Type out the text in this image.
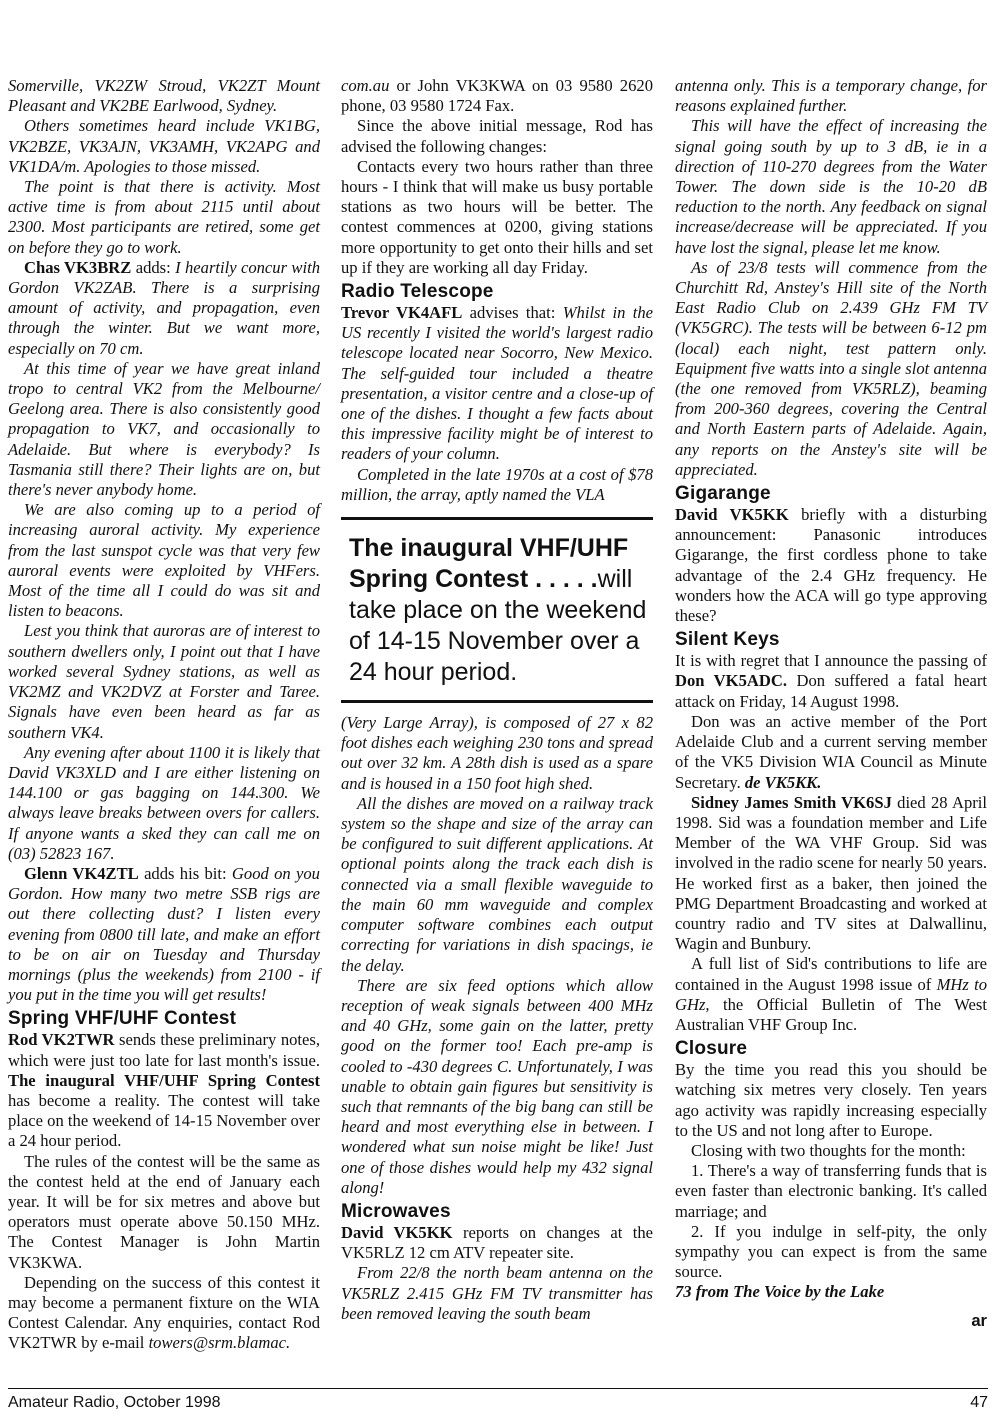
Somerville, VK2ZW Stroud, VK2ZT Mount Pleasant and VK2BE Earlwood, Sydney.

Others sometimes heard include VK1BG, VK2BZE, VK3AJN, VK3AMH, VK2APG and VK1DA/m. Apologies to those missed.

The point is that there is activity. Most active time is from about 2115 until about 2300. Most participants are retired, some get on before they go to work.

Chas VK3BRZ adds: I heartily concur with Gordon VK2ZAB. There is a surprising amount of activity, and propagation, even through the winter. But we want more, especially on 70 cm.

At this time of year we have great inland tropo to central VK2 from the Melbourne/ Geelong area. There is also consistently good propagation to VK7, and occasionally to Adelaide. But where is everybody? Is Tasmania still there? Their lights are on, but there's never anybody home.

We are also coming up to a period of increasing auroral activity. My experience from the last sunspot cycle was that very few auroral events were exploited by VHFers. Most of the time all I could do was sit and listen to beacons.

Lest you think that auroras are of interest to southern dwellers only, I point out that I have worked several Sydney stations, as well as VK2MZ and VK2DVZ at Forster and Taree. Signals have even been heard as far as southern VK4.

Any evening after about 1100 it is likely that David VK3XLD and I are either listening on 144.100 or gas bagging on 144.300. We always leave breaks between overs for callers. If anyone wants a sked they can call me on (03) 52823 167.

Glenn VK4ZTL adds his bit: Good on you Gordon. How many two metre SSB rigs are out there collecting dust? I listen every evening from 0800 till late, and make an effort to be on air on Tuesday and Thursday mornings (plus the weekends) from 2100 - if you put in the time you will get results!

Spring VHF/UHF Contest

Rod VK2TWR sends these preliminary notes, which were just too late for last month's issue. The inaugural VHF/UHF Spring Contest has become a reality. The contest will take place on the weekend of 14-15 November over a 24 hour period.

The rules of the contest will be the same as the contest held at the end of January each year. It will be for six metres and above but operators must operate above 50.150 MHz. The Contest Manager is John Martin VK3KWA.

Depending on the success of this contest it may become a permanent fixture on the WIA Contest Calendar. Any enquiries, contact Rod VK2TWR by e-mail towers@srm.blamac.

com.au or John VK3KWA on 03 9580 2620 phone, 03 9580 1724 Fax.

Since the above initial message, Rod has advised the following changes:

Contacts every two hours rather than three hours - I think that will make us busy portable stations as two hours will be better. The contest commences at 0200, giving stations more opportunity to get onto their hills and set up if they are working all day Friday.

Radio Telescope

Trevor VK4AFL advises that: Whilst in the US recently I visited the world's largest radio telescope located near Socorro, New Mexico. The self-guided tour included a theatre presentation, a visitor centre and a close-up of one of the dishes. I thought a few facts about this impressive facility might be of interest to readers of your column.

Completed in the late 1970s at a cost of $78 million, the array, aptly named the VLA

The inaugural VHF/UHF Spring Contest . . . . .will take place on the weekend of 14-15 November over a 24 hour period.

(Very Large Array), is composed of 27 x 82 foot dishes each weighing 230 tons and spread out over 32 km. A 28th dish is used as a spare and is housed in a 150 foot high shed.

All the dishes are moved on a railway track system so the shape and size of the array can be configured to suit different applications. At optional points along the track each dish is connected via a small flexible waveguide to the main 60 mm waveguide and complex computer software combines each output correcting for variations in dish spacings, ie the delay.

There are six feed options which allow reception of weak signals between 400 MHz and 40 GHz, some gain on the latter, pretty good on the former too! Each pre-amp is cooled to -430 degrees C. Unfortunately, I was unable to obtain gain figures but sensitivity is such that remnants of the big bang can still be heard and most everything else in between. I wondered what sun noise might be like! Just one of those dishes would help my 432 signal along!

Microwaves

David VK5KK reports on changes at the VK5RLZ 12 cm ATV repeater site.

From 22/8 the north beam antenna on the VK5RLZ 2.415 GHz FM TV transmitter has been removed leaving the south beam

antenna only. This is a temporary change, for reasons explained further.

This will have the effect of increasing the signal going south by up to 3 dB, ie in a direction of 110-270 degrees from the Water Tower. The down side is the 10-20 dB reduction to the north. Any feedback on signal increase/decrease will be appreciated. If you have lost the signal, please let me know.

As of 23/8 tests will commence from the Churchitt Rd, Anstey's Hill site of the North East Radio Club on 2.439 GHz FM TV (VK5GRC). The tests will be between 6-12 pm (local) each night, test pattern only. Equipment five watts into a single slot antenna (the one removed from VK5RLZ), beaming from 200-360 degrees, covering the Central and North Eastern parts of Adelaide. Again, any reports on the Anstey's site will be appreciated.

Gigarange

David VK5KK briefly with a disturbing announcement: Panasonic introduces Gigarange, the first cordless phone to take advantage of the 2.4 GHz frequency. He wonders how the ACA will go type approving these?

Silent Keys

It is with regret that I announce the passing of Don VK5ADC. Don suffered a fatal heart attack on Friday, 14 August 1998.

Don was an active member of the Port Adelaide Club and a current serving member of the VK5 Division WIA Council as Minute Secretary. de VK5KK.

Sidney James Smith VK6SJ died 28 April 1998. Sid was a foundation member and Life Member of the WA VHF Group. Sid was involved in the radio scene for nearly 50 years. He worked first as a baker, then joined the PMG Department Broadcasting and worked at country radio and TV sites at Dalwallinu, Wagin and Bunbury.

A full list of Sid's contributions to life are contained in the August 1998 issue of MHz to GHz, the Official Bulletin of The West Australian VHF Group Inc.

Closure

By the time you read this you should be watching six metres very closely. Ten years ago activity was rapidly increasing especially to the US and not long after to Europe.

Closing with two thoughts for the month:

1. There's a way of transferring funds that is even faster than electronic banking. It's called marriage; and

2. If you indulge in self-pity, the only sympathy you can expect is from the same source.

73 from The Voice by the Lake

ar
Amateur Radio, October 1998	47
